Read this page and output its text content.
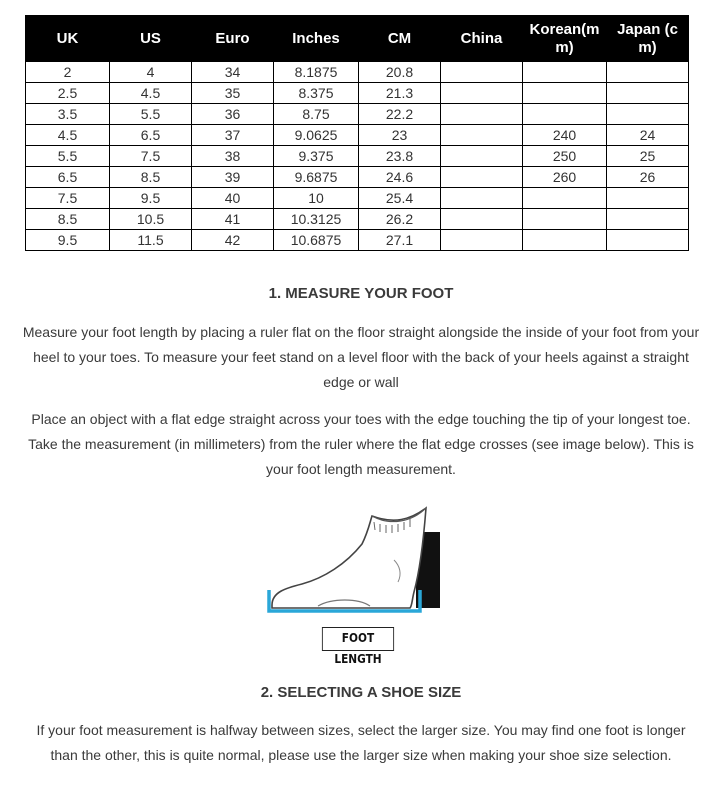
UK	US	Euro	Inches	CM	China	Korean(mm)	Japan (cm)
2	4	34	8.1875	20.8			
2.5	4.5	35	8.375	21.3			
3.5	5.5	36	8.75	22.2			
4.5	6.5	37	9.0625	23		240	24
5.5	7.5	38	9.375	23.8		250	25
6.5	8.5	39	9.6875	24.6		260	26
7.5	9.5	40	10	25.4			
8.5	10.5	41	10.3125	26.2			
9.5	11.5	42	10.6875	27.1			
1. MEASURE YOUR FOOT

Measure your foot length by placing a ruler flat on the floor straight alongside the inside of your foot from your heel to your toes. To measure your feet stand on a level floor with the back of your heels against a straight edge or wall

Place an object with a flat edge straight across your toes with the edge touching the tip of your longest toe. Take the measurement (in millimeters) from the ruler where the flat edge crosses (see image below). This is your foot length measurement.

FOOT LENGTH
2. SELECTING A SHOE SIZE

If your foot measurement is halfway between sizes, select the larger size. You may find one foot is longer than the other, this is quite normal, please use the larger size when making your shoe size selection.
